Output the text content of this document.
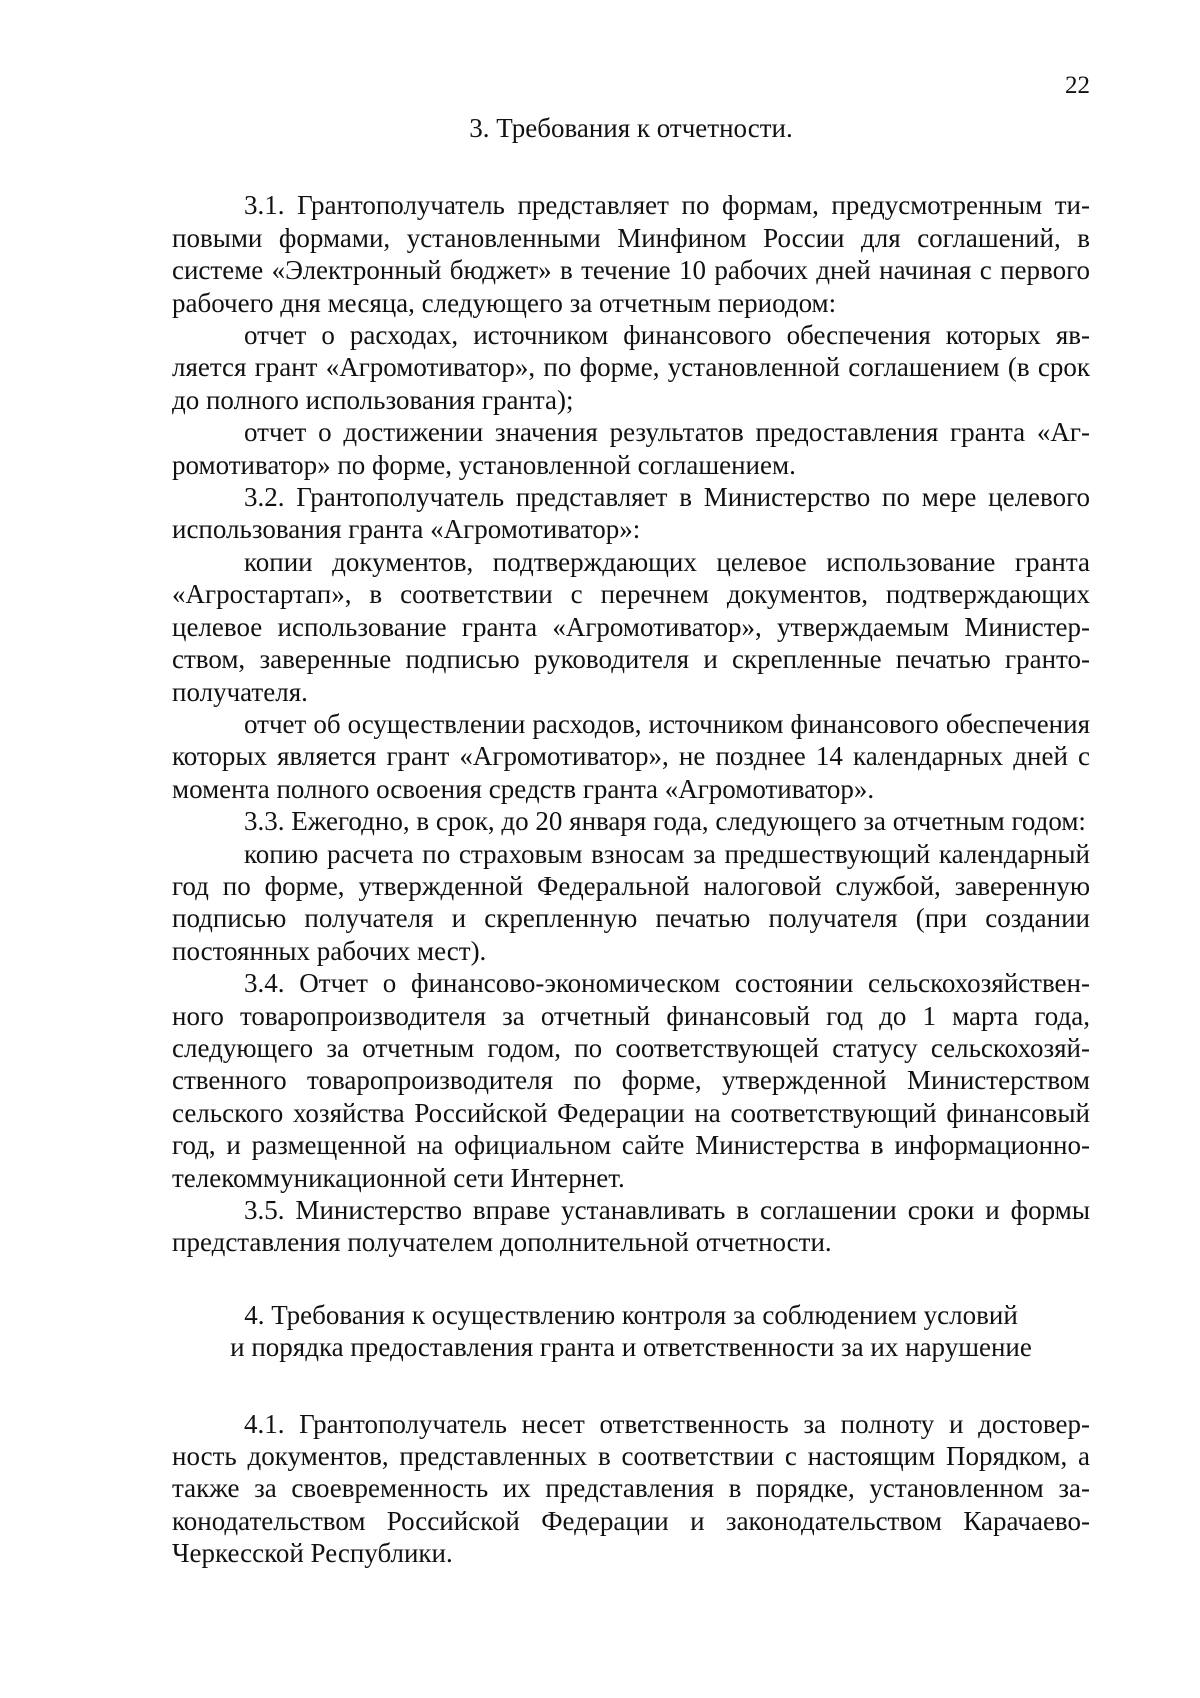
22
3. Требования к отчетности.

3.1. Грантополучатель представляет по формам, предусмотренным типовыми формами, установленными Минфином России для соглашений, в системе «Электронный бюджет» в течение 10 рабочих дней начиная с первого рабочего дня месяца, следующего за отчетным периодом:

отчет о расходах, источником финансового обеспечения которых является грант «Агромотиватор», по форме, установленной соглашением (в срок до полного использования гранта);

отчет о достижении значения результатов предоставления гранта «Агромотиватор» по форме, установленной соглашением.

3.2. Грантополучатель представляет в Министерство по мере целевого использования гранта «Агромотиватор»:

копии документов, подтверждающих целевое использование гранта «Агростартап», в соответствии с перечнем документов, подтверждающих целевое использование гранта «Агромотиватор», утверждаемым Министерством, заверенные подписью руководителя и скрепленные печатью грантополучателя.

отчет об осуществлении расходов, источником финансового обеспечения которых является грант «Агромотиватор», не позднее 14 календарных дней с момента полного освоения средств гранта «Агромотиватор».

3.3. Ежегодно, в срок, до 20 января года, следующего за отчетным годом:

копию расчета по страховым взносам за предшествующий календарный год по форме, утвержденной Федеральной налоговой службой, заверенную подписью получателя и скрепленную печатью получателя (при создании постоянных рабочих мест).

3.4. Отчет о финансово-экономическом состоянии сельскохозяйственного товаропроизводителя за отчетный финансовый год до 1 марта года, следующего за отчетным годом, по соответствующей статусу сельскохозяйственного товаропроизводителя по форме, утвержденной Министерством сельского хозяйства Российской Федерации на соответствующий финансовый год, и размещенной на официальном сайте Министерства в информационно-телекоммуникационной сети Интернет.

3.5. Министерство вправе устанавливать в соглашении сроки и формы представления получателем дополнительной отчетности.

4. Требования к осуществлению контроля за соблюдением условий
и порядка предоставления гранта и ответственности за их нарушение

4.1. Грантополучатель несет ответственность за полноту и достоверность документов, представленных в соответствии с настоящим Порядком, а также за своевременность их представления в порядке, установленном законодательством Российской Федерации и законодательством Карачаево-Черкесской Республики.
